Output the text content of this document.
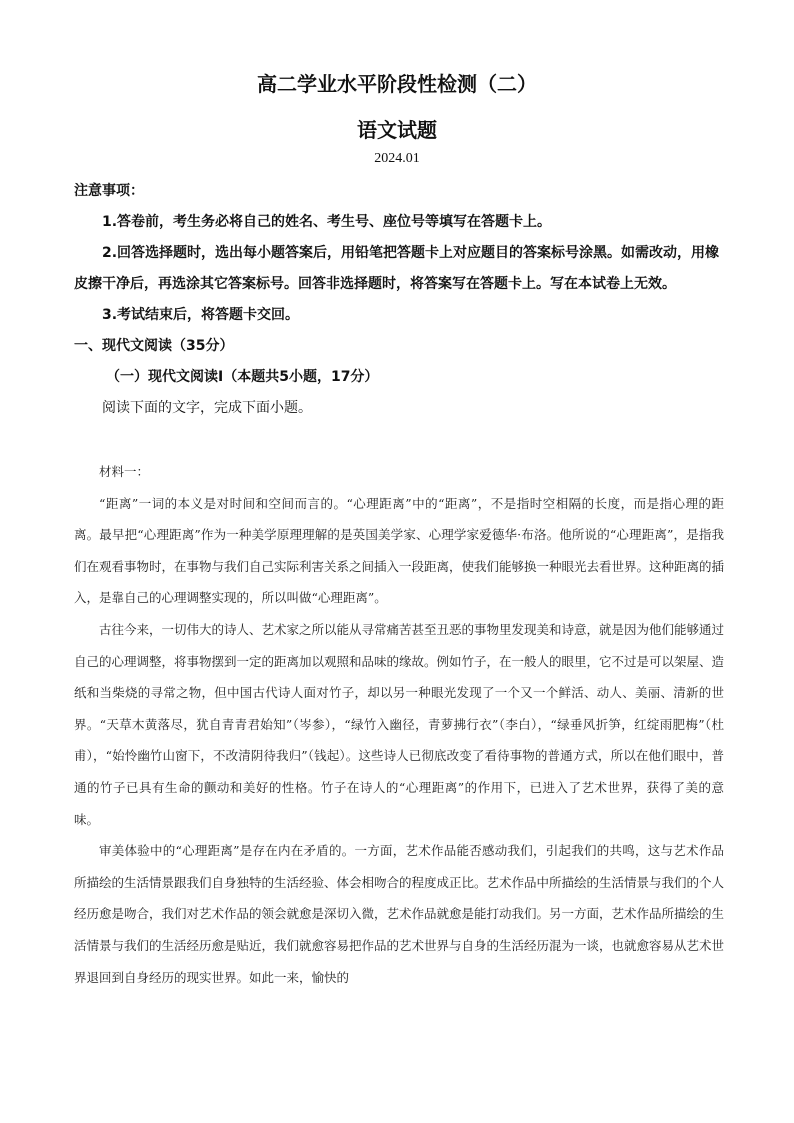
高二学业水平阶段性检测（二）
语文试题
2024.01

注意事项：

1.答卷前，考生务必将自己的姓名、考生号、座位号等填写在答题卡上。

2.回答选择题时，选出每小题答案后，用铅笔把答题卡上对应题目的答案标号涂黑。如需改动，用橡皮擦干净后，再选涂其它答案标号。回答非选择题时，将答案写在答题卡上。写在本试卷上无效。

3.考试结束后，将答题卡交回。

一、现代文阅读（35分）

（一）现代文阅读Ⅰ（本题共5小题，17分）

阅读下面的文字，完成下面小题。

材料一：

“距离”一词的本义是对时间和空间而言的。“心理距离”中的“距离”，不是指时空相隔的长度，而是指心理的距离。最早把“心理距离”作为一种美学原理理解的是英国美学家、心理学家爱德华·布洛。他所说的“心理距离”，是指我们在观看事物时，在事物与我们自己实际利害关系之间插入一段距离，使我们能够换一种眼光去看世界。这种距离的插入，是靠自己的心理调整实现的，所以叫做“心理距离”。

古往今来，一切伟大的诗人、艺术家之所以能从寻常痛苦甚至丑恶的事物里发现美和诗意，就是因为他们能够通过自己的心理调整，将事物摆到一定的距离加以观照和品味的缘故。例如竹子，在一般人的眼里，它不过是可以架屋、造纸和当柴烧的寻常之物，但中国古代诗人面对竹子，却以另一种眼光发现了一个又一个鲜活、动人、美丽、清新的世界。“天草木黄落尽，犹自青青君始知”（岑参），“绿竹入幽径，青萝拂行衣”（李白），“绿垂风折笋，红绽雨肥梅”（杜甫），“始怜幽竹山窗下，不改清阴待我归”（钱起）。这些诗人已彻底改变了看待事物的普通方式，所以在他们眼中，普通的竹子已具有生命的颤动和美好的性格。竹子在诗人的“心理距离”的作用下，已进入了艺术世界，获得了美的意味。

审美体验中的“心理距离”是存在内在矛盾的。一方面，艺术作品能否感动我们，引起我们的共鸣，这与艺术作品所描绘的生活情景跟我们自身独特的生活经验、体会相吻合的程度成正比。艺术作品中所描绘的生活情景与我们的个人经历愈是吻合，我们对艺术作品的领会就愈是深切入微，艺术作品就愈是能打动我们。另一方面，艺术作品所描绘的生活情景与我们的生活经历愈是贴近，我们就愈容易把作品的艺术世界与自身的生活经历混为一谈，也就愈容易从艺术世界退回到自身经历的现实世界。如此一来，愉快的
